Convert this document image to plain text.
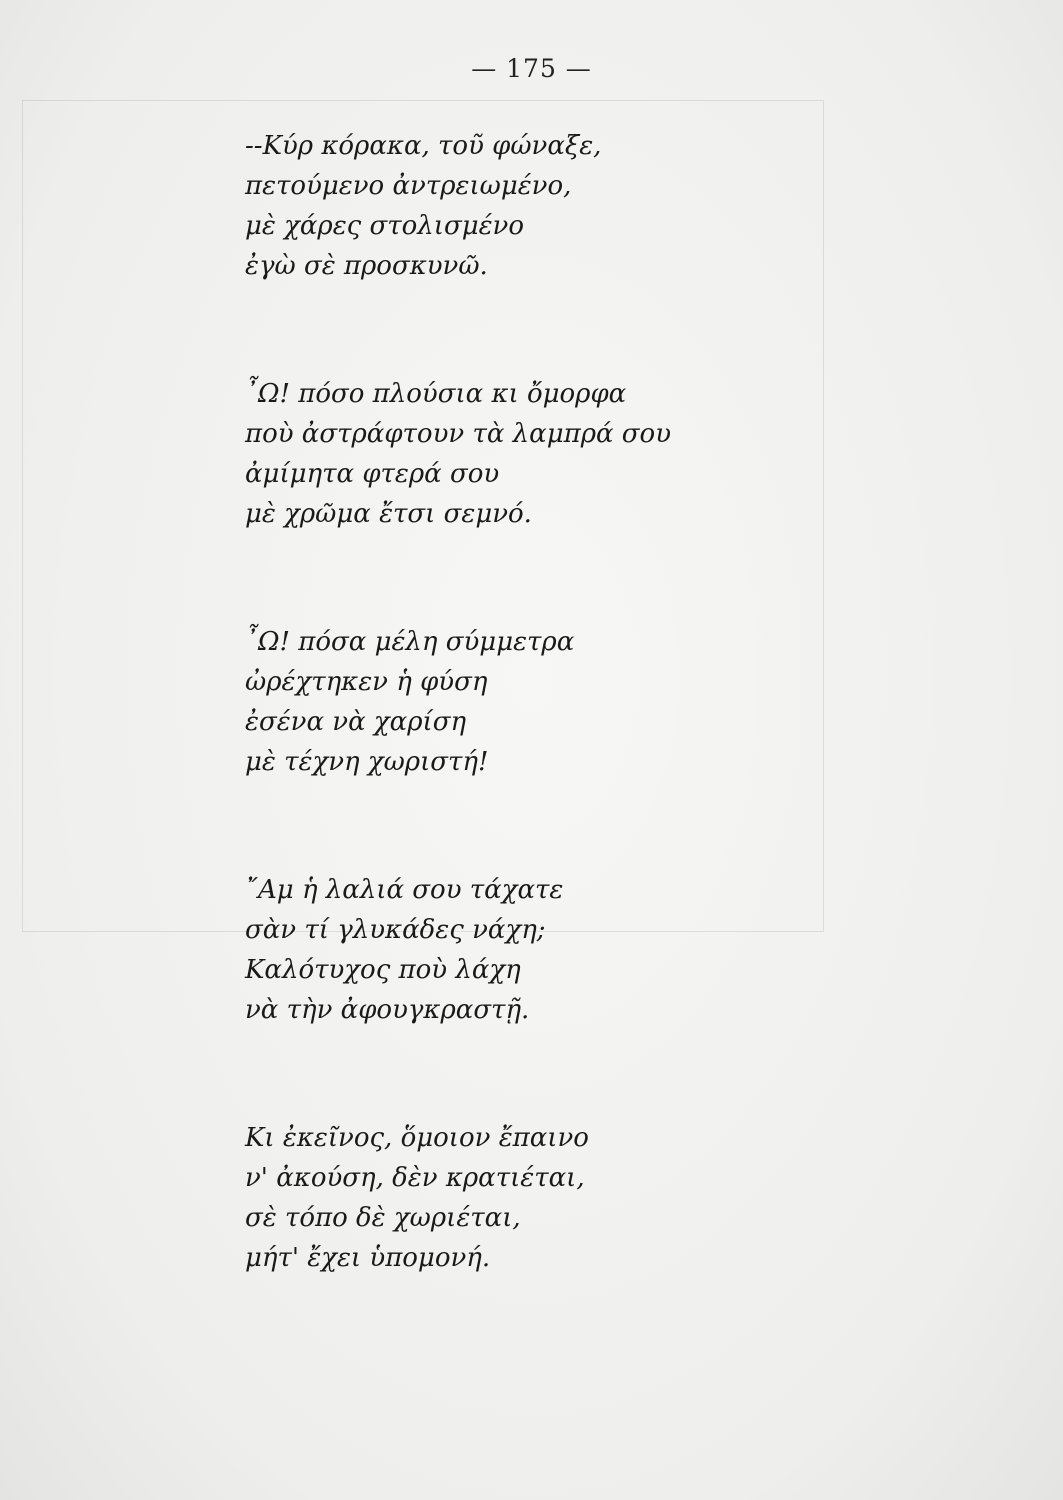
— 175 —
--Κύρ κόρακα, τοῦ φώναξε,
πετούμενο ἀντρειωμένο,
μὲ χάρες στολισμένο
ἐγὼ σὲ προσκυνῶ.
῏Ω! πόσο πλούσια κι ὄμορφα
ποὺ ἀστράφτουν τὰ λαμπρά σου
ἀμίμητα φτερά σου
μὲ χρῶμα ἔτσι σεμνό.
῏Ω! πόσα μέλη σύμμετρα
ὠρέχτηκεν ἡ φύση
ἐσένα νὰ χαρίση
μὲ τέχνη χωριστή!
῎Αμ ἡ λαλιά σου τάχατε
σὰν τί γλυκάδες νάχη;
Καλότυχος ποὺ λάχη
νὰ τὴν ἀφουγκραστῇ.
Κι ἐκεῖνος, ὅμοιον ἔπαινο
ν' ἀκούση, δὲν κρατιέται,
σὲ τόπο δὲ χωριέται,
μήτ' ἔχει ὑπομονή.
